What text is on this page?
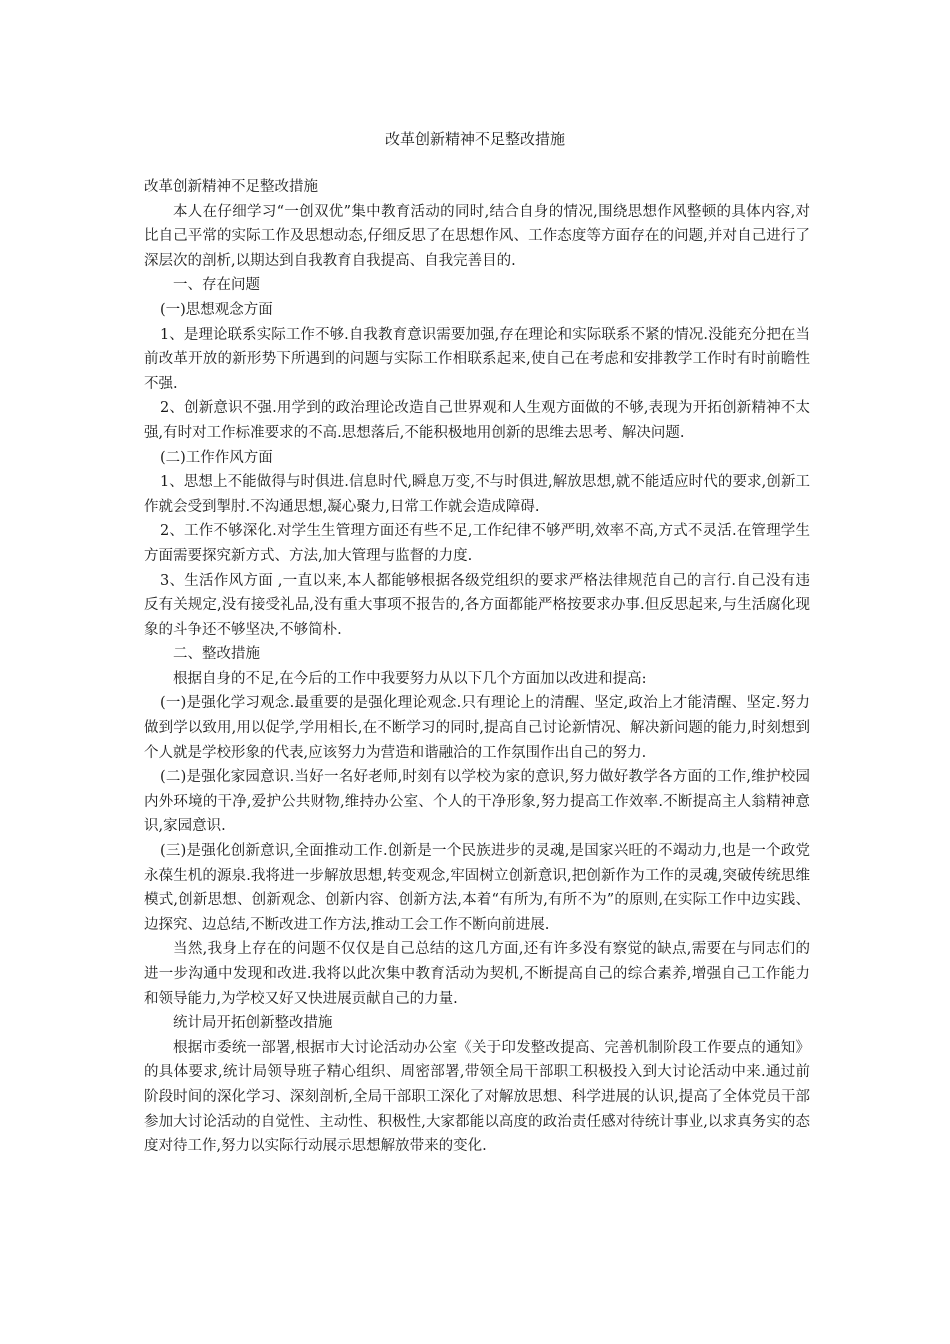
改革创新精神不足整改措施

改革创新精神不足整改措施

本人在仔细学习“一创双优”集中教育活动的同时,结合自身的情况,围绕思想作风整顿的具体内容,对比自己平常的实际工作及思想动态,仔细反思了在思想作风、工作态度等方面存在的问题,并对自己进行了深层次的剖析,以期达到自我教育自我提高、自我完善目的.

一、存在问题

(一)思想观念方面

1、是理论联系实际工作不够.自我教育意识需要加强,存在理论和实际联系不紧的情况.没能充分把在当前改革开放的新形势下所遇到的问题与实际工作相联系起来,使自己在考虑和安排教学工作时有时前瞻性不强.

2、创新意识不强.用学到的政治理论改造自己世界观和人生观方面做的不够,表现为开拓创新精神不太强,有时对工作标准要求的不高.思想落后,不能积极地用创新的思维去思考、解决问题.

(二)工作作风方面

1、思想上不能做得与时俱进.信息时代,瞬息万变,不与时俱进,解放思想,就不能适应时代的要求,创新工作就会受到掣肘.不沟通思想,凝心聚力,日常工作就会造成障碍.

2、工作不够深化.对学生生管理方面还有些不足,工作纪律不够严明,效率不高,方式不灵活.在管理学生方面需要探究新方式、方法,加大管理与监督的力度.

3、生活作风方面 ,一直以来,本人都能够根据各级党组织的要求严格法律规范自己的言行.自己没有违反有关规定,没有接受礼品,没有重大事项不报告的,各方面都能严格按要求办事.但反思起来,与生活腐化现象的斗争还不够坚决,不够简朴.

二、整改措施

根据自身的不足,在今后的工作中我要努力从以下几个方面加以改进和提高:

(一)是强化学习观念.最重要的是强化理论观念.只有理论上的清醒、坚定,政治上才能清醒、坚定.努力做到学以致用,用以促学,学用相长,在不断学习的同时,提高自己讨论新情况、解决新问题的能力,时刻想到个人就是学校形象的代表,应该努力为营造和谐融洽的工作氛围作出自己的努力.

(二)是强化家园意识.当好一名好老师,时刻有以学校为家的意识,努力做好教学各方面的工作,维护校园内外环境的干净,爱护公共财物,维持办公室、个人的干净形象,努力提高工作效率.不断提高主人翁精神意识,家园意识.

(三)是强化创新意识,全面推动工作.创新是一个民族进步的灵魂,是国家兴旺的不竭动力,也是一个政党永葆生机的源泉.我将进一步解放思想,转变观念,牢固树立创新意识,把创新作为工作的灵魂,突破传统思维模式,创新思想、创新观念、创新内容、创新方法,本着“有所为,有所不为”的原则,在实际工作中边实践、边探究、边总结,不断改进工作方法,推动工会工作不断向前进展.

当然,我身上存在的问题不仅仅是自己总结的这几方面,还有许多没有察觉的缺点,需要在与同志们的进一步沟通中发现和改进.我将以此次集中教育活动为契机,不断提高自己的综合素养,增强自己工作能力和领导能力,为学校又好又快进展贡献自己的力量.

统计局开拓创新整改措施

根据市委统一部署,根据市大讨论活动办公室《关于印发整改提高、完善机制阶段工作要点的通知》的具体要求,统计局领导班子精心组织、周密部署,带领全局干部职工积极投入到大讨论活动中来.通过前阶段时间的深化学习、深刻剖析,全局干部职工深化了对解放思想、科学进展的认识,提高了全体党员干部参加大讨论活动的自觉性、主动性、积极性,大家都能以高度的政治责任感对待统计事业,以求真务实的态度对待工作,努力以实际行动展示思想解放带来的变化.
